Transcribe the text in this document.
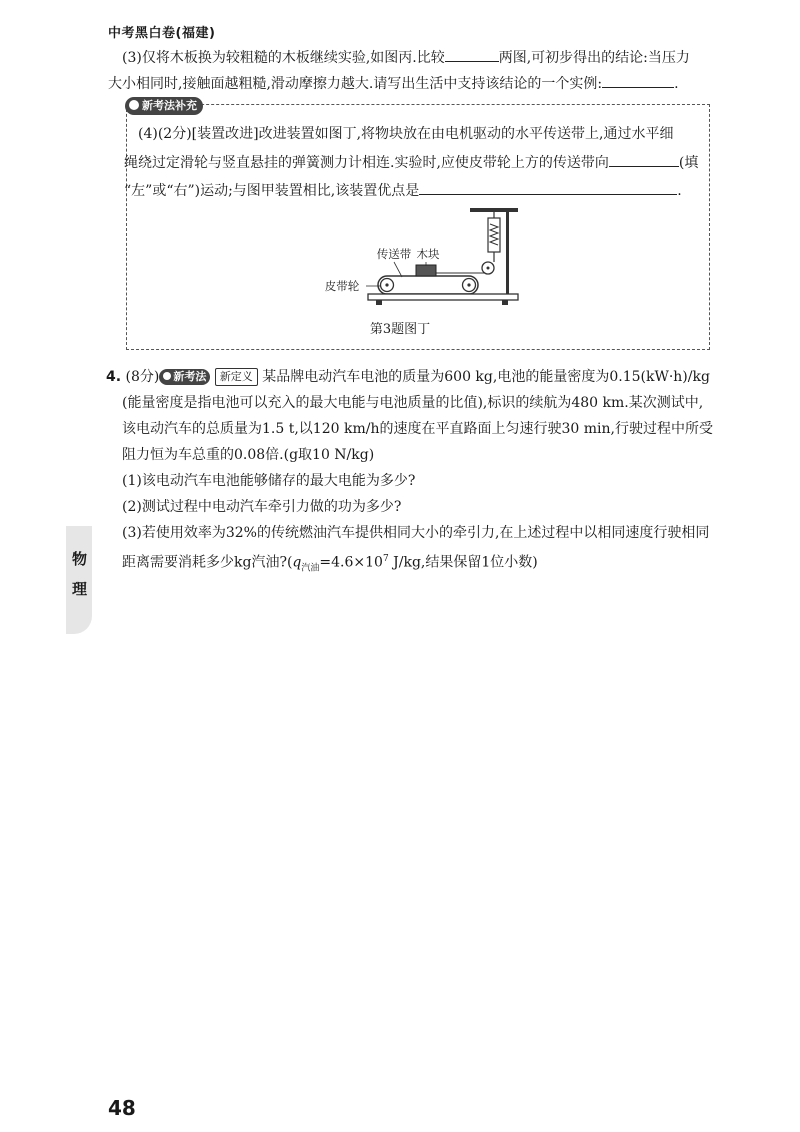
中考黑白卷(福建)
(3)仅将木板换为较粗糙的木板继续实验,如图丙.比较	两图,可初步得出的结论:当压力
大小相同时,接触面越粗糙,滑动摩擦力越大.请写出生活中支持该结论的一个实例:	.
新考法补充
(4)(2分)[装置改进]改进装置如图丁,将物块放在由电机驱动的水平传送带上,通过水平细
绳绕过定滑轮与竖直悬挂的弹簧测力计相连.实验时,应使皮带轮上方的传送带向	(填
“左”或“右”)运动;与图甲装置相比,该装置优点是	.
传送带 木块
皮带轮
第3题图丁
4. (8分) 新考法 新定义 某品牌电动汽车电池的质量为600 kg,电池的能量密度为0.15(kW·h)/kg
(能量密度是指电池可以充入的最大电能与电池质量的比值),标识的续航为480 km.某次测试中,
该电动汽车的总质量为1.5 t,以120 km/h的速度在平直路面上匀速行驶30 min,行驶过程中所受
阻力恒为车总重的0.08倍.(g取10 N/kg)
(1)该电动汽车电池能够储存的最大电能为多少?
(2)测试过程中电动汽车牵引力做的功为多少?
(3)若使用效率为32%的传统燃油汽车提供相同大小的牵引力,在上述过程中以相同速度行驶相同
距离需要消耗多少kg汽油$?(q_{汽油}=4.6\times 10^7$ J/kg,结果保留1位小数)
物
理
48
